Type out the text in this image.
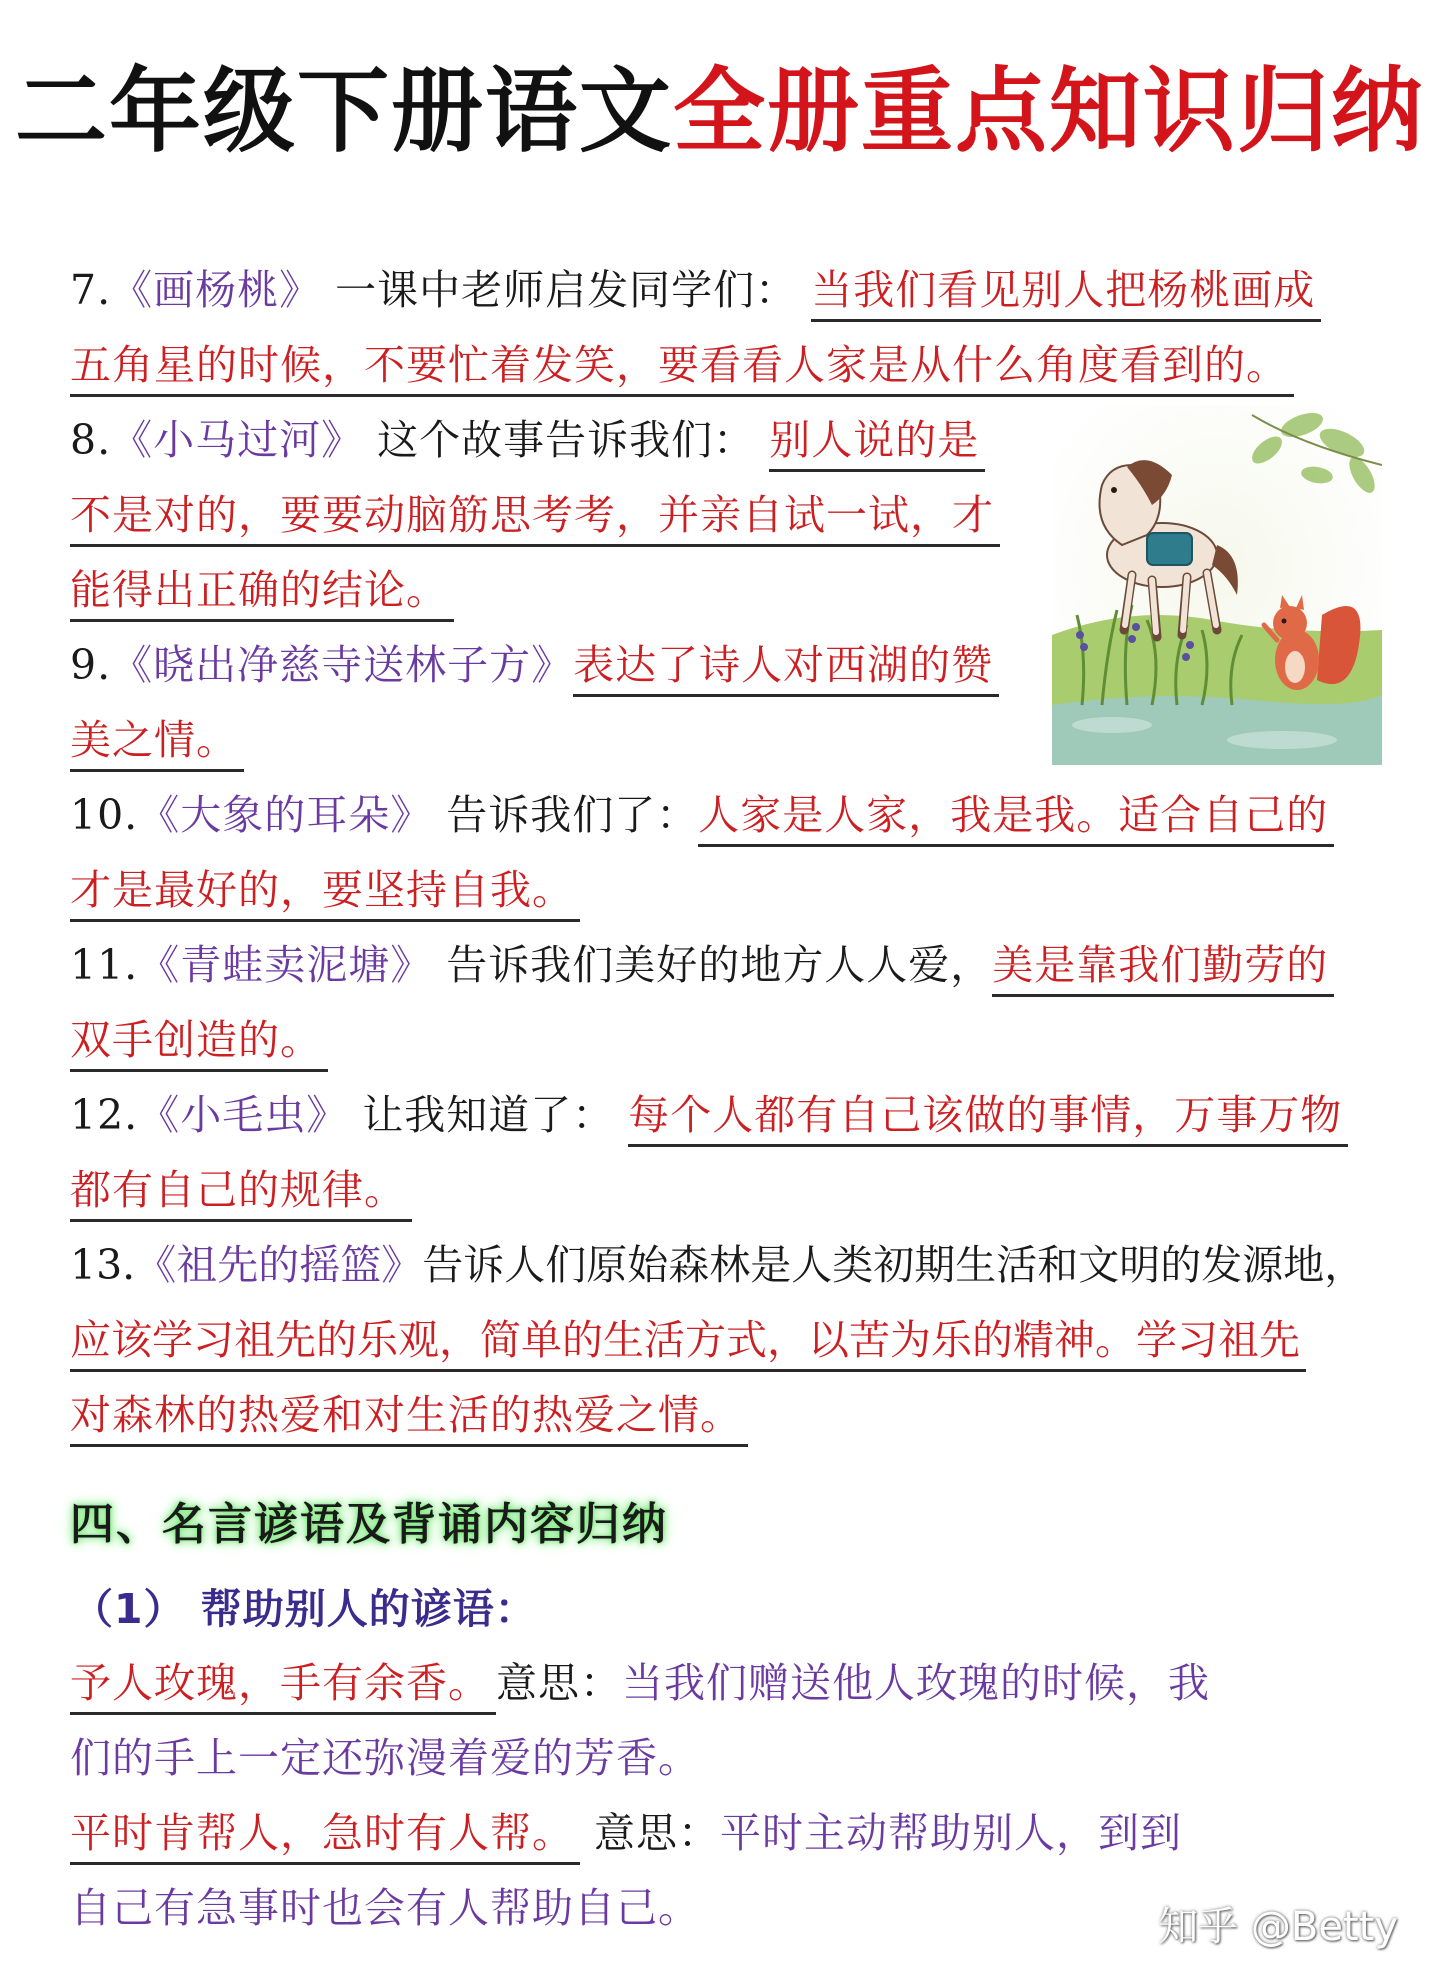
二年级下册语文全册重点知识归纳
7.《画杨桃》 一课中老师启发同学们： 当我们看见别人把杨桃画成
五角星的时候，不要忙着发笑，要看看人家是从什么角度看到的。
8.《小马过河》 这个故事告诉我们： 别人说的是
不是对的，要要动脑筋思考考，并亲自试一试，才
能得出正确的结论。
9.《晓出净慈寺送林子方》表达了诗人对西湖的赞
美之情。
10.《大象的耳朵》 告诉我们了：人家是人家，我是我。适合自己的
才是最好的，要坚持自我。
11.《青蛙卖泥塘》 告诉我们美好的地方人人爱，美是靠我们勤劳的
双手创造的。
12.《小毛虫》 让我知道了： 每个人都有自己该做的事情，万事万物
都有自己的规律。
13.《祖先的摇篮》告诉人们原始森林是人类初期生活和文明的发源地，
应该学习祖先的乐观，简单的生活方式，以苦为乐的精神。学习祖先
对森林的热爱和对生活的热爱之情。
四、名言谚语及背诵内容归纳
（1） 帮助别人的谚语：
予人玫瑰，手有余香。 意思：当我们赠送他人玫瑰的时候，我
们的手上一定还弥漫着爱的芳香。
平时肯帮人，急时有人帮。 意思：平时主动帮助别人，到到
自己有急事时也会有人帮助自己。	知乎 @Betty
